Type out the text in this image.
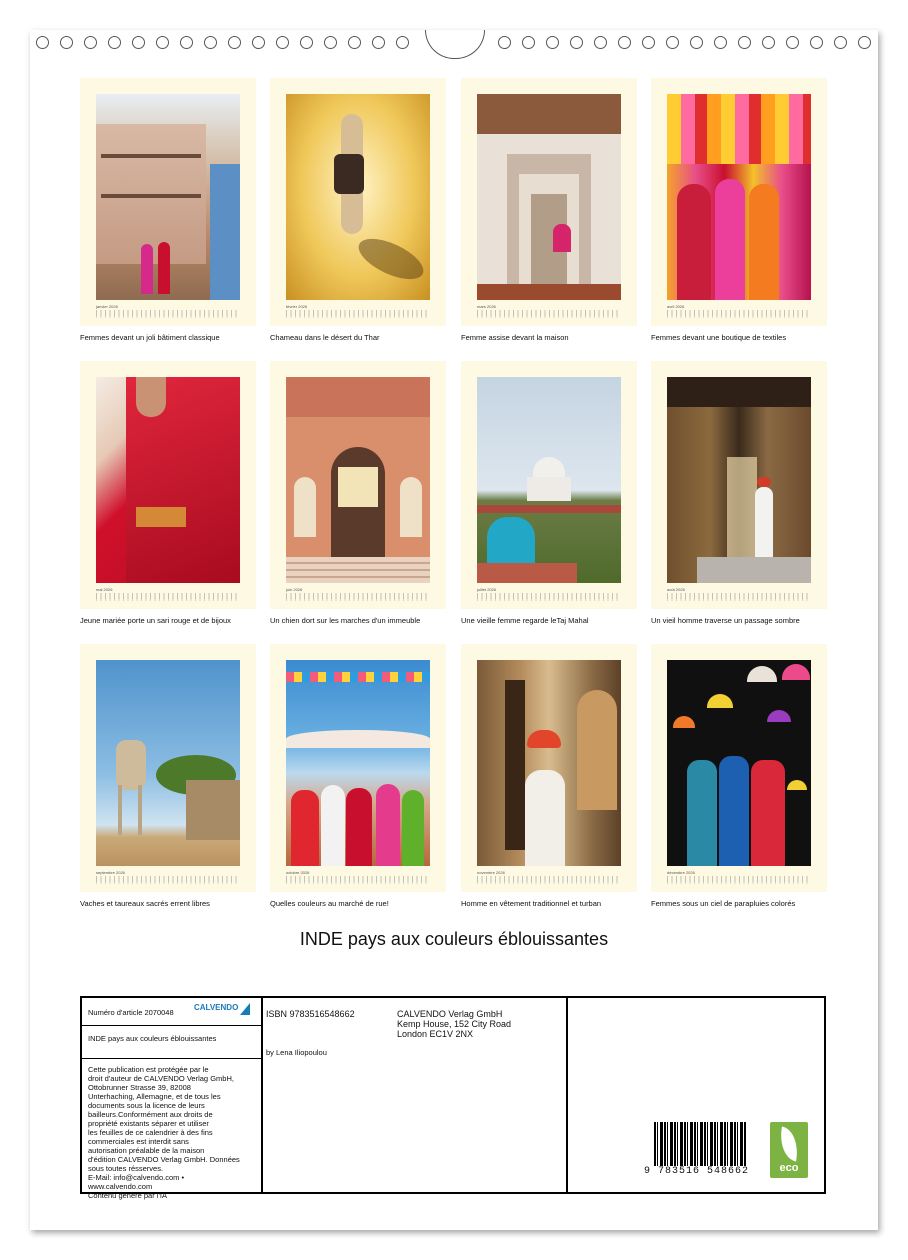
janvier 2026
Femmes devant un joli bâtiment classique
février 2026
Chameau dans le désert du Thar
mars 2026
Femme assise devant la maison
avril 2026
Femmes devant une boutique de textiles
mai 2026
Jeune mariée porte un sari rouge et de bijoux
juin 2026
Un chien dort sur les marches d'un immeuble
juillet 2026
Une vieille femme regarde leTaj Mahal
août 2026
Un vieil homme traverse un passage sombre
septembre 2026
Vaches et taureaux sacrés errent libres
octobre 2026
Quelles couleurs au marché de rue!
novembre 2026
Homme en vêtement traditionnel et turban
décembre 2026
Femmes sous un ciel de parapluies colorés
INDE pays aux couleurs éblouissantes
Numéro d'article 2070048
CALVENDO
INDE pays aux couleurs éblouissantes
Cette publication est protégée par le
droit d'auteur de CALVENDO Verlag GmbH,
Ottobrunner Strasse 39, 82008
Unterhaching, Allemagne, et de tous les
documents sous la licence de leurs
bailleurs.Conformément aux droits de
propriété existants séparer et utiliser
les feuilles de ce calendrier à des fins
commerciales est interdit sans
autorisation préalable de la maison
d'édition CALVENDO Verlag GmbH. Données
sous toutes résserves.
E-Mail: info@calvendo.com •
www.calvendo.com
Contenu généré par l'IA
ISBN 9783516548662
by Lena Iliopoulou
CALVENDO Verlag GmbH
Kemp House, 152 City Road
London EC1V 2NX
9 783516 548662	eco
